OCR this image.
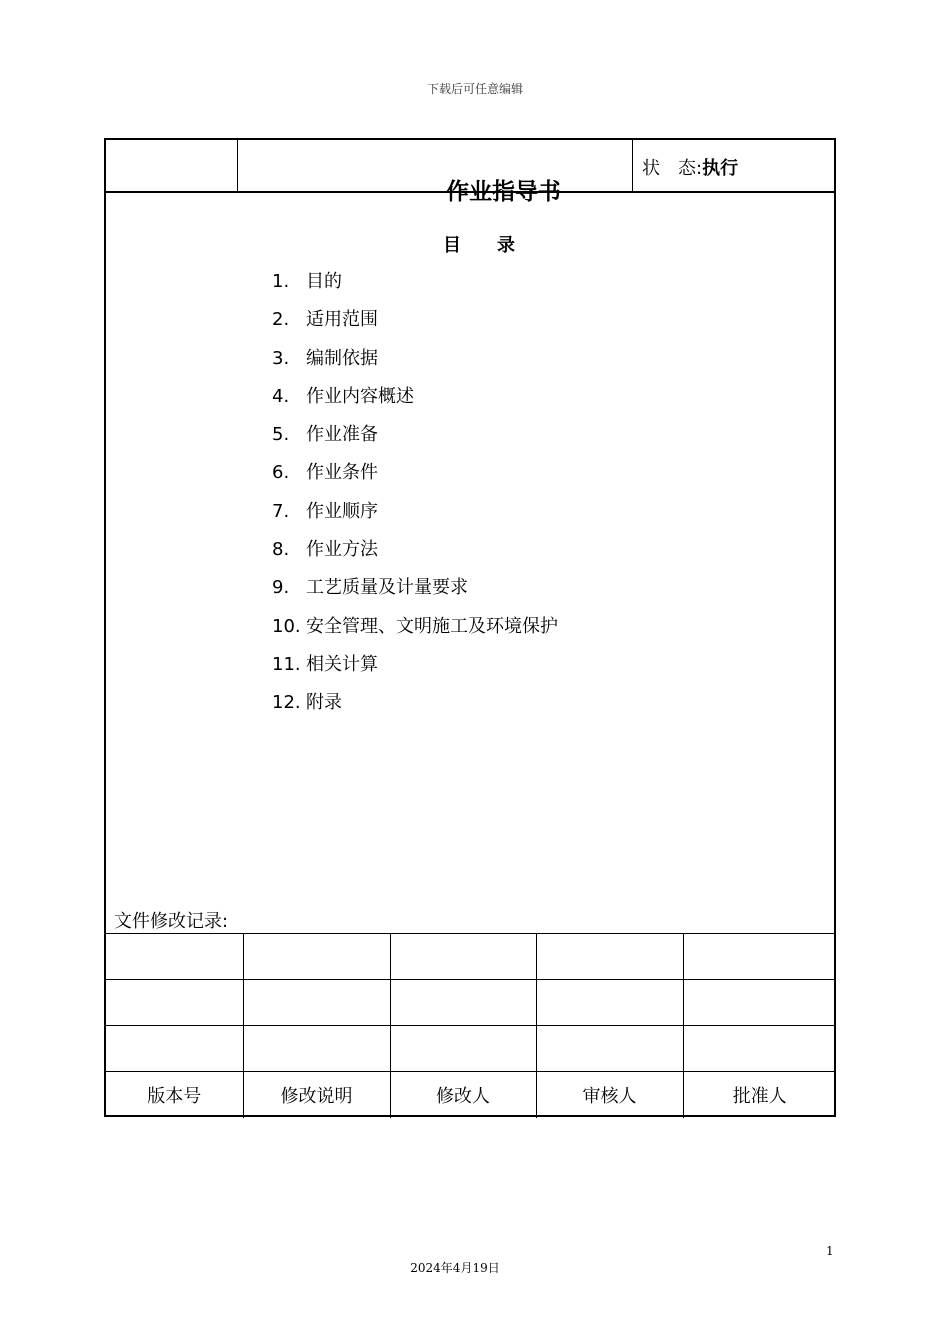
下载后可任意编辑
状　态:执行
作业指导书
目　　录
1. 目的
2. 适用范围
3. 编制依据
4. 作业内容概述
5. 作业准备
6. 作业条件
7. 作业顺序
8. 作业方法
9. 工艺质量及计量要求
10. 安全管理、文明施工及环境保护
11. 相关计算
12. 附录
文件修改记录:

版本号	修改说明	修改人	审核人	批准人
1
2024年4月19日
